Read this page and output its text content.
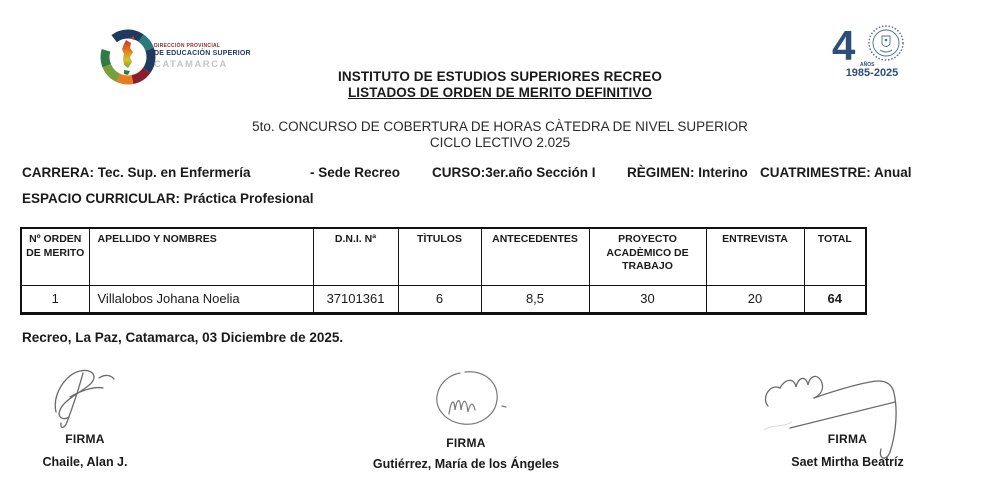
DIRECCIÓN PROVINCIAL
DE EDUCACIÓN SUPERIOR
CATAMARCA	4 AÑOS
1985-2025
INSTITUTO DE ESTUDIOS SUPERIORES RECREO
LISTADOS DE ORDEN DE MERITO DEFINITIVO
5to. CONCURSO DE COBERTURA DE HORAS CÀTEDRA DE NIVEL SUPERIOR
CICLO LECTIVO 2.025
CARRERA: Tec. Sup. en Enfermería	- Sede Recreo CURSO:3er.año Sección I RÈGIMEN: Interino CUATRIMESTRE: Anual
ESPACIO CURRICULAR: Práctica Profesional
Nº ORDEN DE MERITO	APELLIDO Y NOMBRES	D.N.I. Nª	TÌTULOS	ANTECEDENTES	PROYECTO ACADÈMICO DE TRABAJO	ENTREVISTA	TOTAL
1	Villalobos Johana Noelia	37101361	6	8,5	30	20	64
Recreo, La Paz, Catamarca, 03 Diciembre de 2025.
FIRMA
Chaile, Alan J.
FIRMA
Gutiérrez, María de los Ángeles
FIRMA
Saet Mirtha Beatríz
